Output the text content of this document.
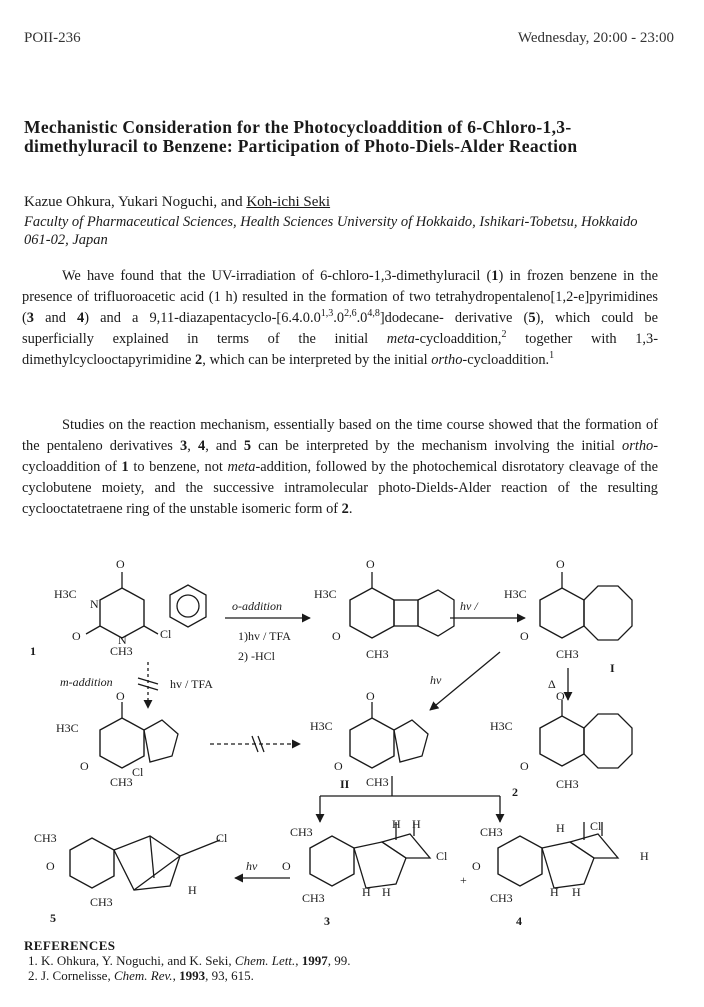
POII-236	Wednesday, 20:00 - 23:00
Mechanistic Consideration for the Photocycloaddition of 6-Chloro-1,3-dimethyluracil to Benzene: Participation of Photo-Diels-Alder Reaction
Kazue Ohkura, Yukari Noguchi, and Koh-ichi Seki
Faculty of Pharmaceutical Sciences, Health Sciences University of Hokkaido, Ishikari-Tobetsu, Hokkaido 061-02, Japan

We have found that the UV-irradiation of 6-chloro-1,3-dimethyluracil (1) in frozen benzene in the presence of trifluoroacetic acid (1 h) resulted in the formation of two tetrahydropentaleno[1,2-e]pyrimidines (3 and 4) and a 9,11-diazapentacyclo-[6.4.0.0$^{1,3}$.0$^{2,6}$.0$^{4,8}$]dodecane- derivative (5), which could be superficially explained in terms of the initial meta-cycloaddition,$^2$ together with 1,3-dimethylcyclooctapyrimidine 2, which can be interpreted by the initial ortho-cycloaddition.$^1$

Studies on the reaction mechanism, essentially based on the time course showed that the formation of the pentaleno derivatives 3, 4, and 5 can be interpreted by the mechanism involving the initial ortho-cycloaddition of 1 to benzene, not meta-addition, followed by the photochemical disrotatory cleavage of the cyclobutene moiety, and the successive intramolecular photo-Dields-Alder reaction of the resulting cyclooctatetraene ring of the unstable isomeric form of 2.

H3C
O
O
CH3
Cl
1
o-addition
1)hv / TFA
2) -HCl
H3C
O
O
CH3
hv /
H3C
O
O
CH3
I
Δ
H3C
O
O
CH3
2
m-addition	hv / TFA
H3C
O
O
CH3
Cl
hv
H3C
O
O
CH3
II
CH3
O
CH3
Cl
H
5
hv
CH3
O
CH3
Cl
H H
H H
3
+
CH3
O
CH3
H Cl
H
H H
4
N
N
REFERENCES
1. K. Ohkura, Y. Noguchi, and K. Seki, Chem. Lett., 1997, 99.
2. J. Cornelisse, Chem. Rev., 1993, 93, 615.
